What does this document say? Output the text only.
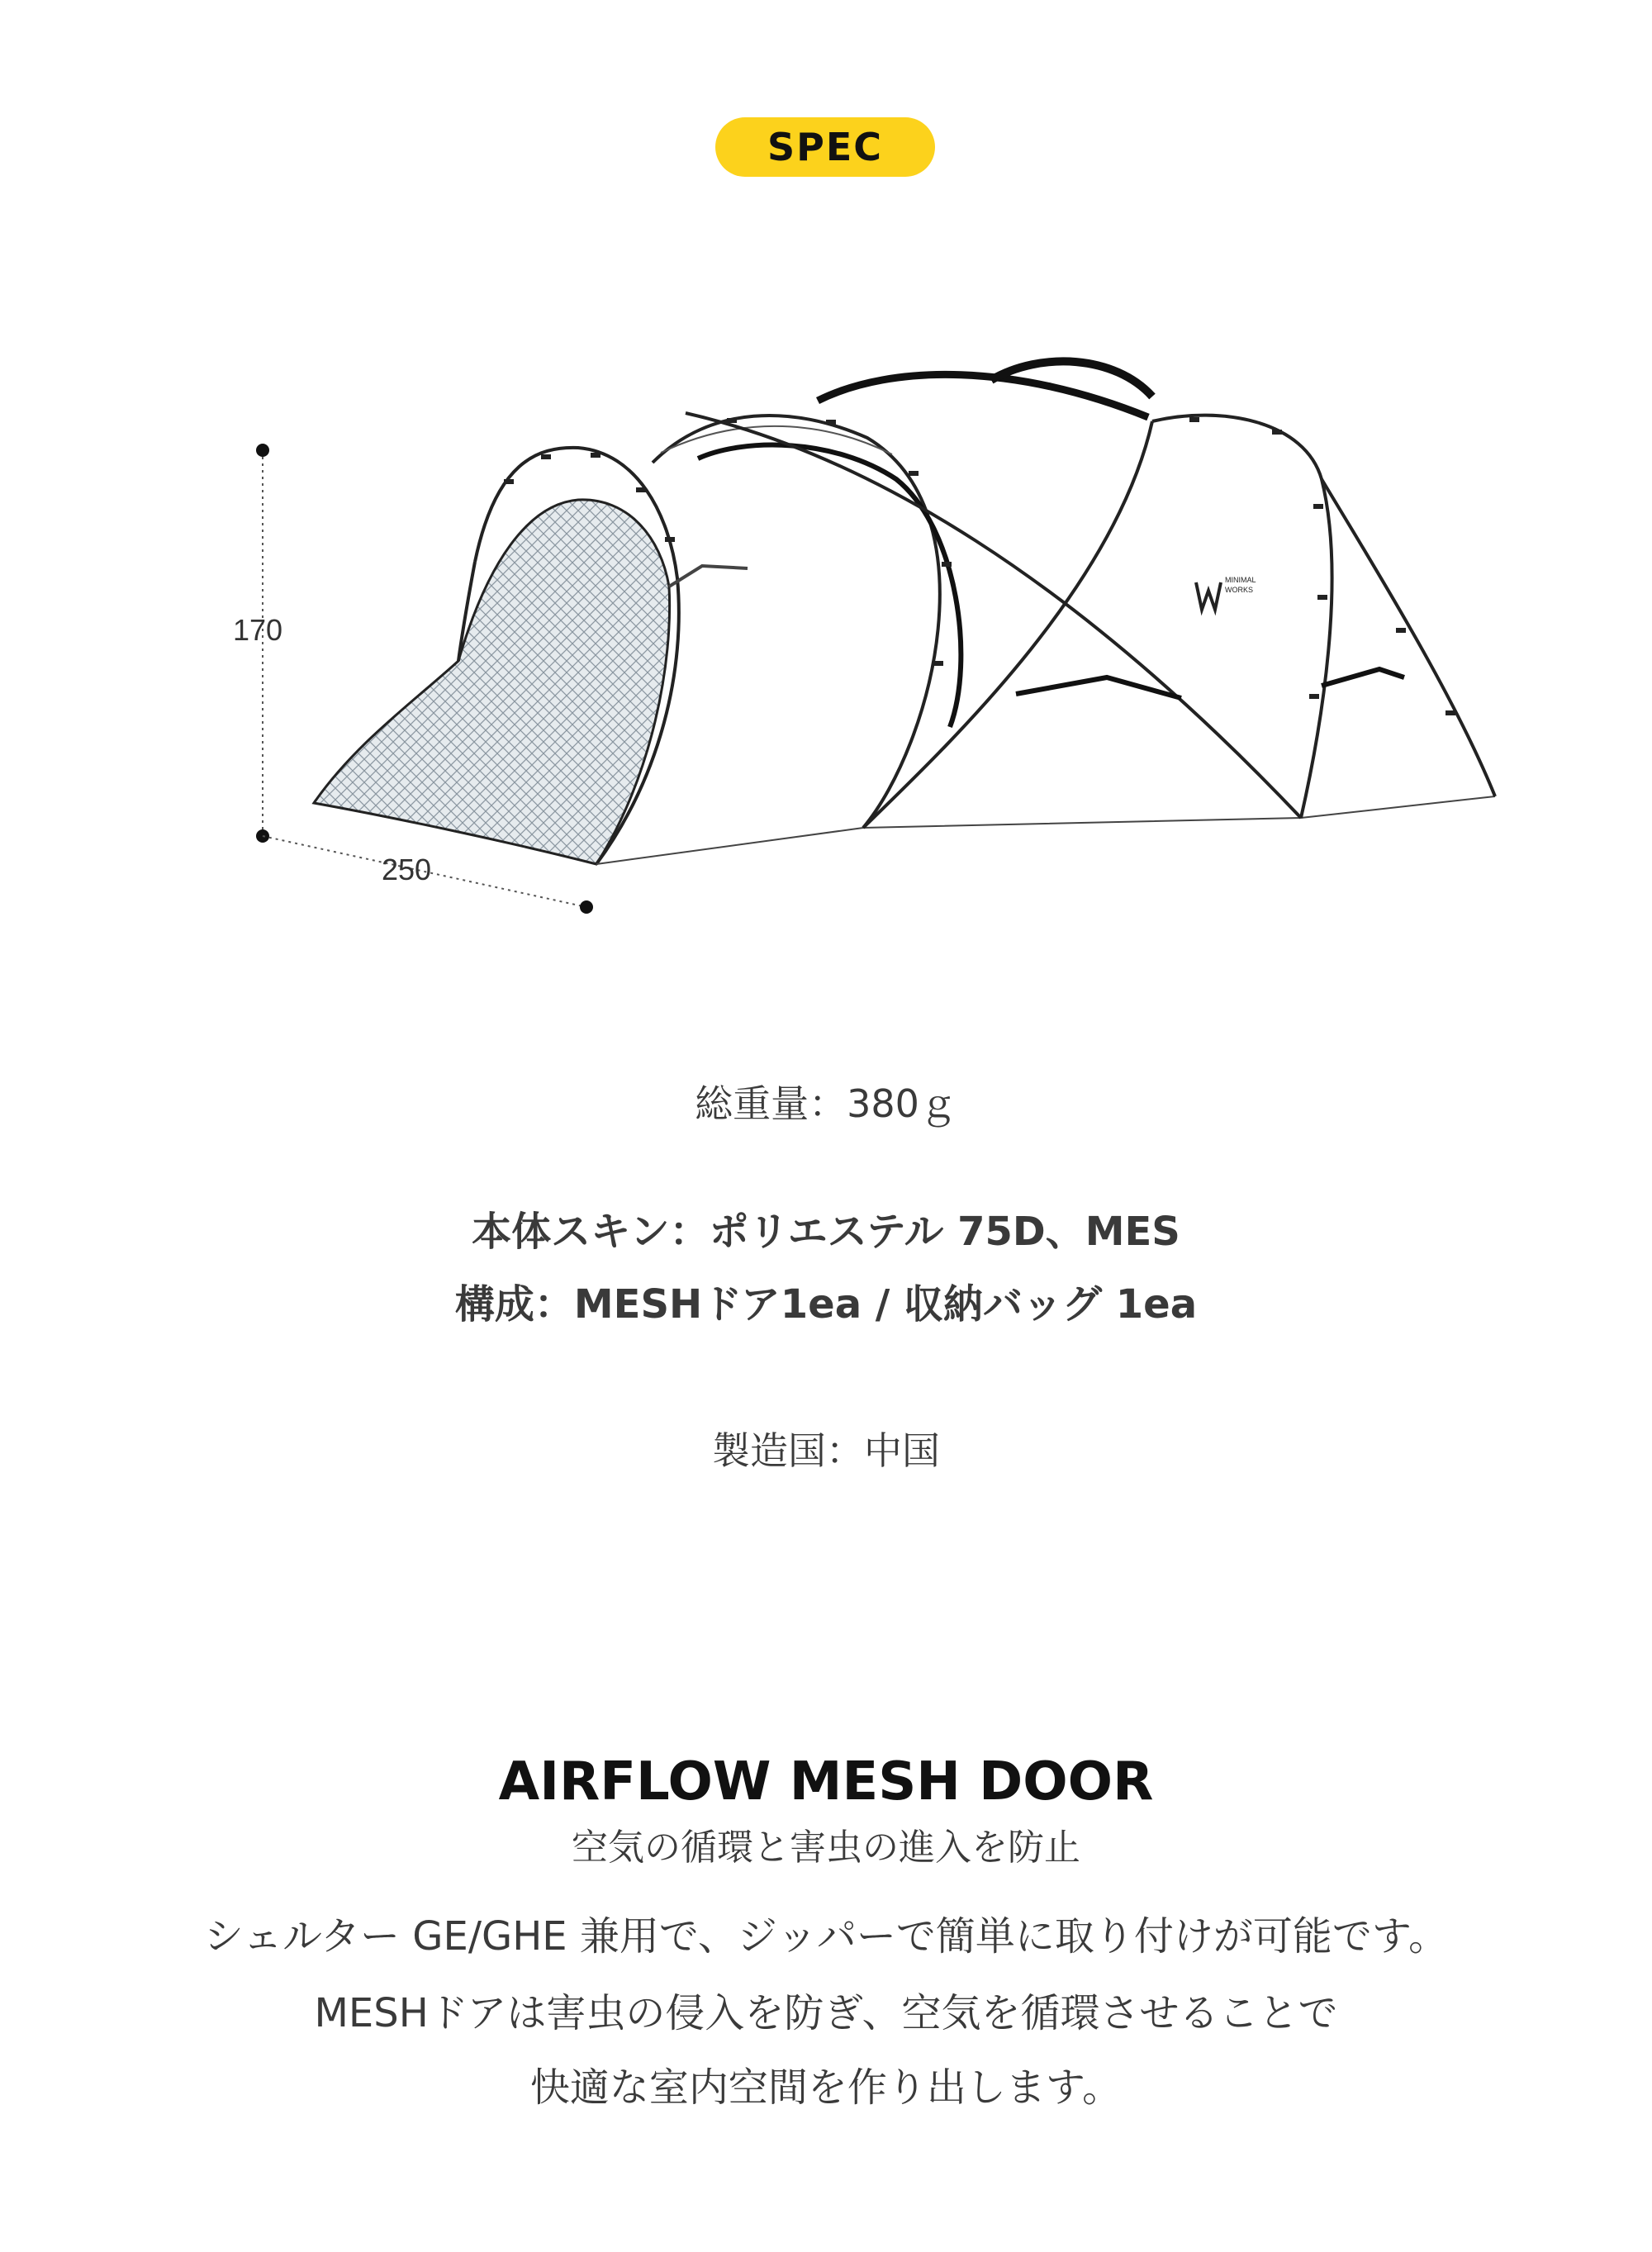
SPEC
MINIMAL
WORKS
170
250
総重量：380ｇ
本体スキン：ポリエステル 75D、MES
構成：MESHドア1ea / 収納バッグ 1ea
製造国：中国
AIRFLOW MESH DOOR
空気の循環と害虫の進入を防止
シェルター GE/GHE 兼用で、ジッパーで簡単に取り付けが可能です。
MESHドアは害虫の侵入を防ぎ、空気を循環させることで
快適な室内空間を作り出します。
